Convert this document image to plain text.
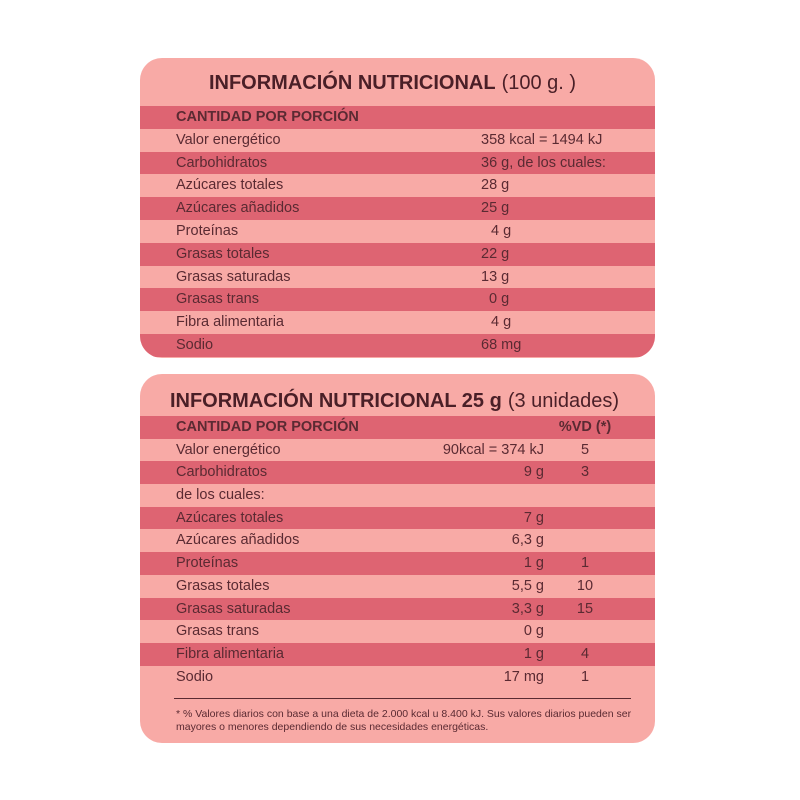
INFORMACIÓN NUTRICIONAL (100 g. )
CANTIDAD POR PORCIÓN
Valor energético	358 kcal = 1494 kJ
Carbohidratos	36 g, de los cuales:
Azúcares totales	28 g
Azúcares añadidos	25 g
Proteínas	4 g
Grasas totales	22 g
Grasas saturadas	13 g
Grasas trans	0 g
Fibra alimentaria	4 g
Sodio	68 mg
INFORMACIÓN NUTRICIONAL 25 g (3 unidades)
CANTIDAD POR PORCIÓN	%VD (*)
Valor energético	90kcal = 374 kJ	5
Carbohidratos	9 g	3
de los cuales:
Azúcares totales	7 g
Azúcares añadidos	6,3 g
Proteínas	1 g	1
Grasas totales	5,5 g	10
Grasas saturadas	3,3 g	15
Grasas trans	0 g
Fibra alimentaria	1 g	4
Sodio	17 mg	1
* % Valores diarios con base a una dieta de 2.000 kcal u 8.400 kJ. Sus valores diarios pueden ser mayores o menores dependiendo de sus necesidades energéticas.
